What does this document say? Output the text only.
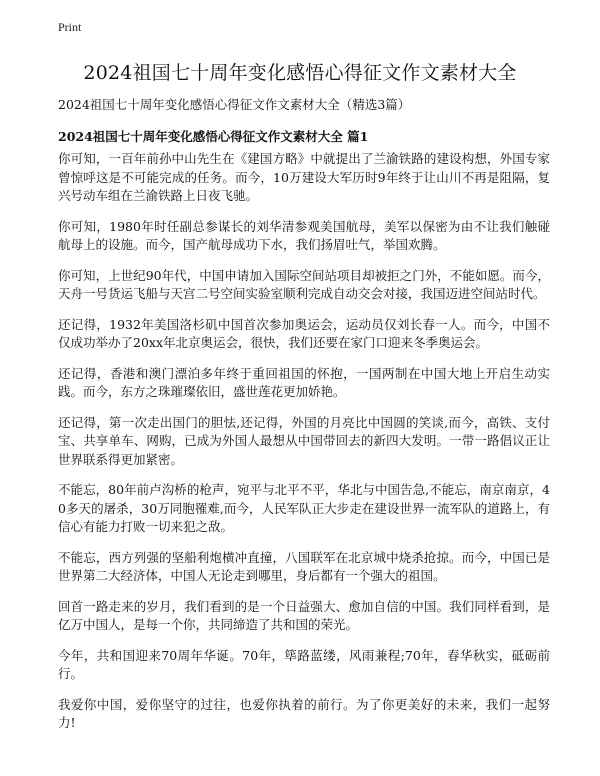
Print
2024祖国七十周年变化感悟心得征文作文素材大全
2024祖国七十周年变化感悟心得征文作文素材大全（精选3篇）
2024祖国七十周年变化感悟心得征文作文素材大全 篇1

你可知，一百年前孙中山先生在《建国方略》中就提出了兰渝铁路的建设构想，外国专家曾惊呼这是不可能完成的任务。而今，10万建设大军历时9年终于让山川不再是阻隔，复兴号动车组在兰渝铁路上日夜飞驰。

你可知，1980年时任副总参谋长的刘华清参观美国航母，美军以保密为由不让我们触碰航母上的设施。而今，国产航母成功下水，我们扬眉吐气，举国欢腾。

你可知，上世纪90年代，中国申请加入国际空间站项目却被拒之门外，不能如愿。而今，天舟一号货运飞船与天宫二号空间实验室顺利完成自动交会对接，我国迈进空间站时代。

还记得，1932年美国洛杉矶中国首次参加奥运会，运动员仅刘长春一人。而今，中国不仅成功举办了20xx年北京奥运会，很快，我们还要在家门口迎来冬季奥运会。

还记得，香港和澳门漂泊多年终于重回祖国的怀抱，一国两制在中国大地上开启生动实践。而今，东方之珠璀璨依旧，盛世莲花更加娇艳。

还记得，第一次走出国门的胆怯,还记得，外国的月亮比中国圆的笑谈,而今，高铁、支付宝、共享单车、网购，已成为外国人最想从中国带回去的新四大发明。一带一路倡议正让世界联系得更加紧密。

不能忘，80年前卢沟桥的枪声，宛平与北平不平，华北与中国告急,不能忘，南京南京，40多天的屠杀，30万同胞罹难,而今，人民军队正大步走在建设世界一流军队的道路上，有信心有能力打败一切来犯之敌。

不能忘，西方列强的坚船利炮横冲直撞，八国联军在北京城中烧杀抢掠。而今，中国已是世界第二大经济体，中国人无论走到哪里，身后都有一个强大的祖国。

回首一路走来的岁月，我们看到的是一个日益强大、愈加自信的中国。我们同样看到，是亿万中国人，是每一个你，共同缔造了共和国的荣光。

今年，共和国迎来70周年华诞。70年，筚路蓝缕，风雨兼程;70年，春华秋实，砥砺前行。

我爱你中国，爱你坚守的过往，也爱你执着的前行。为了你更美好的未来，我们一起努力!
